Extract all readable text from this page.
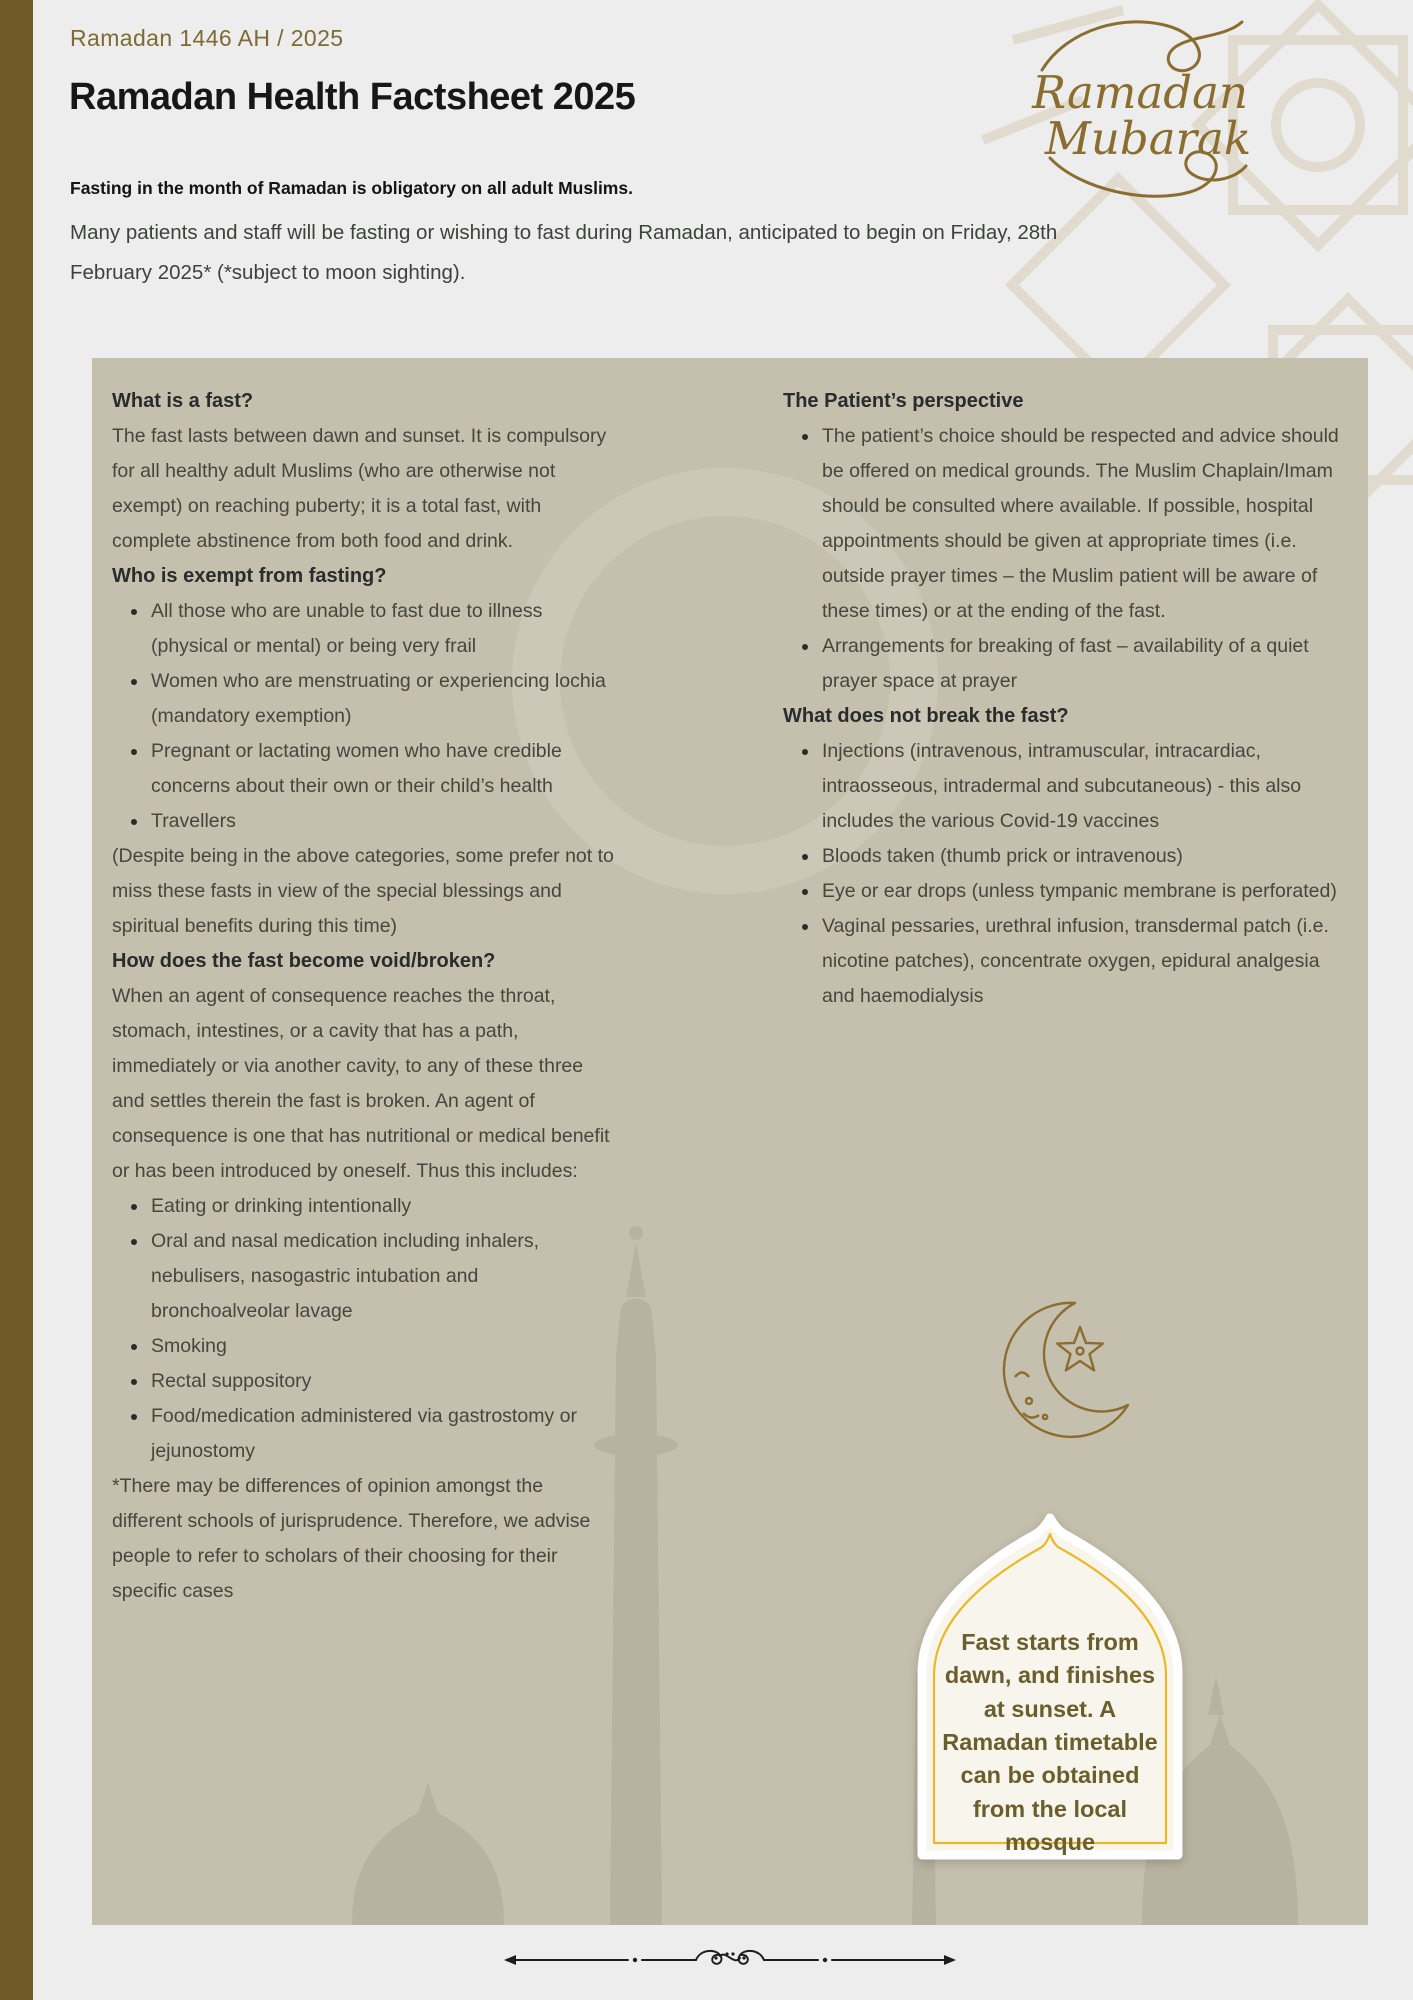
Ramadan 1446 AH / 2025
Ramadan Health Factsheet 2025	Ramadan
Mubarak

Fasting in the month of Ramadan is obligatory on all adult Muslims.

Many patients and staff will be fasting or wishing to fast during Ramadan, anticipated to begin on Friday, 28th February 2025* (*subject to moon sighting).

What is a fast?

The fast lasts between dawn and sunset. It is compulsory for all healthy adult Muslims (who are otherwise not exempt) on reaching puberty; it is a total fast, with complete abstinence from both food and drink.

Who is exempt from fasting?
• All those who are unable to fast due to illness (physical or mental) or being very frail
• Women who are menstruating or experiencing lochia (mandatory exemption)
• Pregnant or lactating women who have credible concerns about their own or their child’s health
• Travellers

(Despite being in the above categories, some prefer not to miss these fasts in view of the special blessings and spiritual benefits during this time)

How does the fast become void/broken?

When an agent of consequence reaches the throat, stomach, intestines, or a cavity that has a path, immediately or via another cavity, to any of these three and settles therein the fast is broken. An agent of consequence is one that has nutritional or medical benefit or has been introduced by oneself. Thus this includes:

• Eating or drinking intentionally
• Oral and nasal medication including inhalers, nebulisers, nasogastric intubation and bronchoalveolar lavage
• Smoking
• Rectal suppository
• Food/medication administered via gastrostomy or jejunostomy

*There may be differences of opinion amongst the different schools of jurisprudence. Therefore, we advise people to refer to scholars of their choosing for their specific cases

The Patient’s perspective
• The patient’s choice should be respected and advice should be offered on medical grounds. The Muslim Chaplain/Imam should be consulted where available. If possible, hospital appointments should be given at appropriate times (i.e. outside prayer times – the Muslim patient will be aware of these times) or at the ending of the fast.
• Arrangements for breaking of fast – availability of a quiet prayer space at prayer
What does not break the fast?
• Injections (intravenous, intramuscular, intracardiac, intraosseous, intradermal and subcutaneous) - this also includes the various Covid-19 vaccines
• Bloods taken (thumb prick or intravenous)
• Eye or ear drops (unless tympanic membrane is perforated)
• Vaginal pessaries, urethral infusion, transdermal patch (i.e. nicotine patches), concentrate oxygen, epidural analgesia and haemodialysis
Fast starts from dawn, and finishes at sunset. A Ramadan timetable can be obtained from the local mosque
